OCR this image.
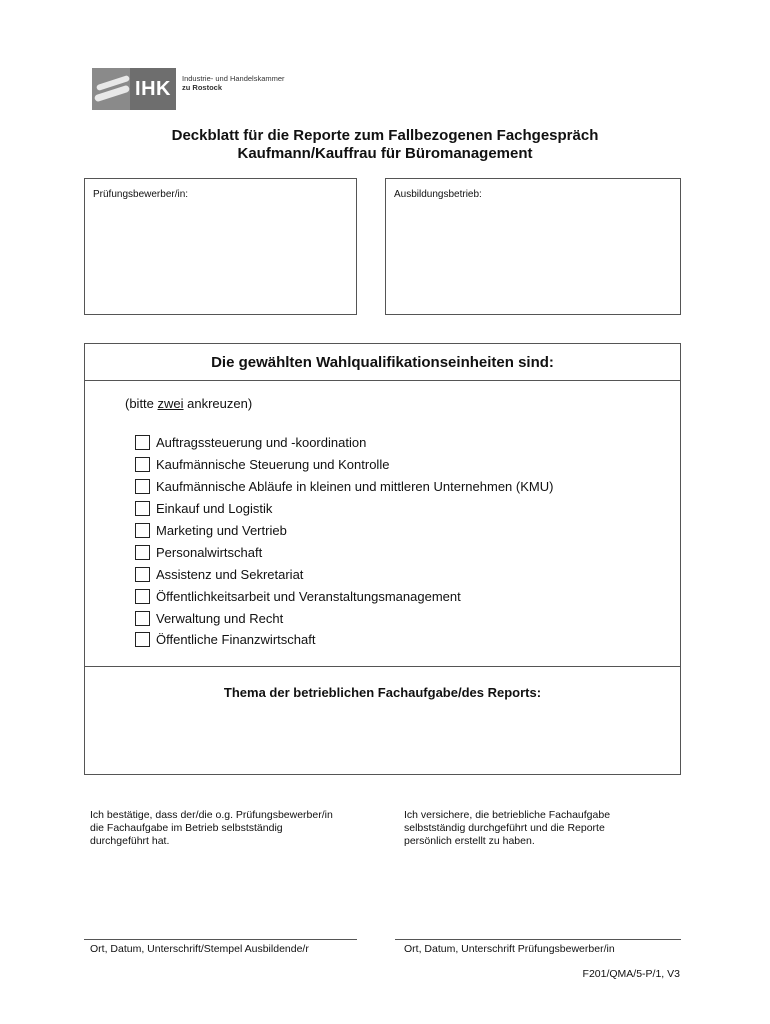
IHK	Industrie- und Handelskammer
zu Rostock
Deckblatt für die Reporte zum Fallbezogenen Fachgespräch
Kaufmann/Kauffrau für Büromanagement
Prüfungsbewerber/in:	Ausbildungsbetrieb:
Die gewählten Wahlqualifikationseinheiten sind:
(bitte zwei ankreuzen)
Auftragssteuerung und -koordination
Kaufmännische Steuerung und Kontrolle
Kaufmännische Abläufe in kleinen und mittleren Unternehmen (KMU)
Einkauf und Logistik
Marketing und Vertrieb
Personalwirtschaft
Assistenz und Sekretariat
Öffentlichkeitsarbeit und Veranstaltungsmanagement
Verwaltung und Recht
Öffentliche Finanzwirtschaft
Thema der betrieblichen Fachaufgabe/des Reports:
Ich bestätige, dass der/die o.g. Prüfungsbewerber/in
die Fachaufgabe im Betrieb selbstständig
durchgeführt hat.
Ich versichere, die betriebliche Fachaufgabe
selbstständig durchgeführt und die Reporte
persönlich erstellt zu haben.
Ort, Datum, Unterschrift/Stempel Ausbildende/r	Ort, Datum, Unterschrift Prüfungsbewerber/in
F201/QMA/5-P/1, V3
